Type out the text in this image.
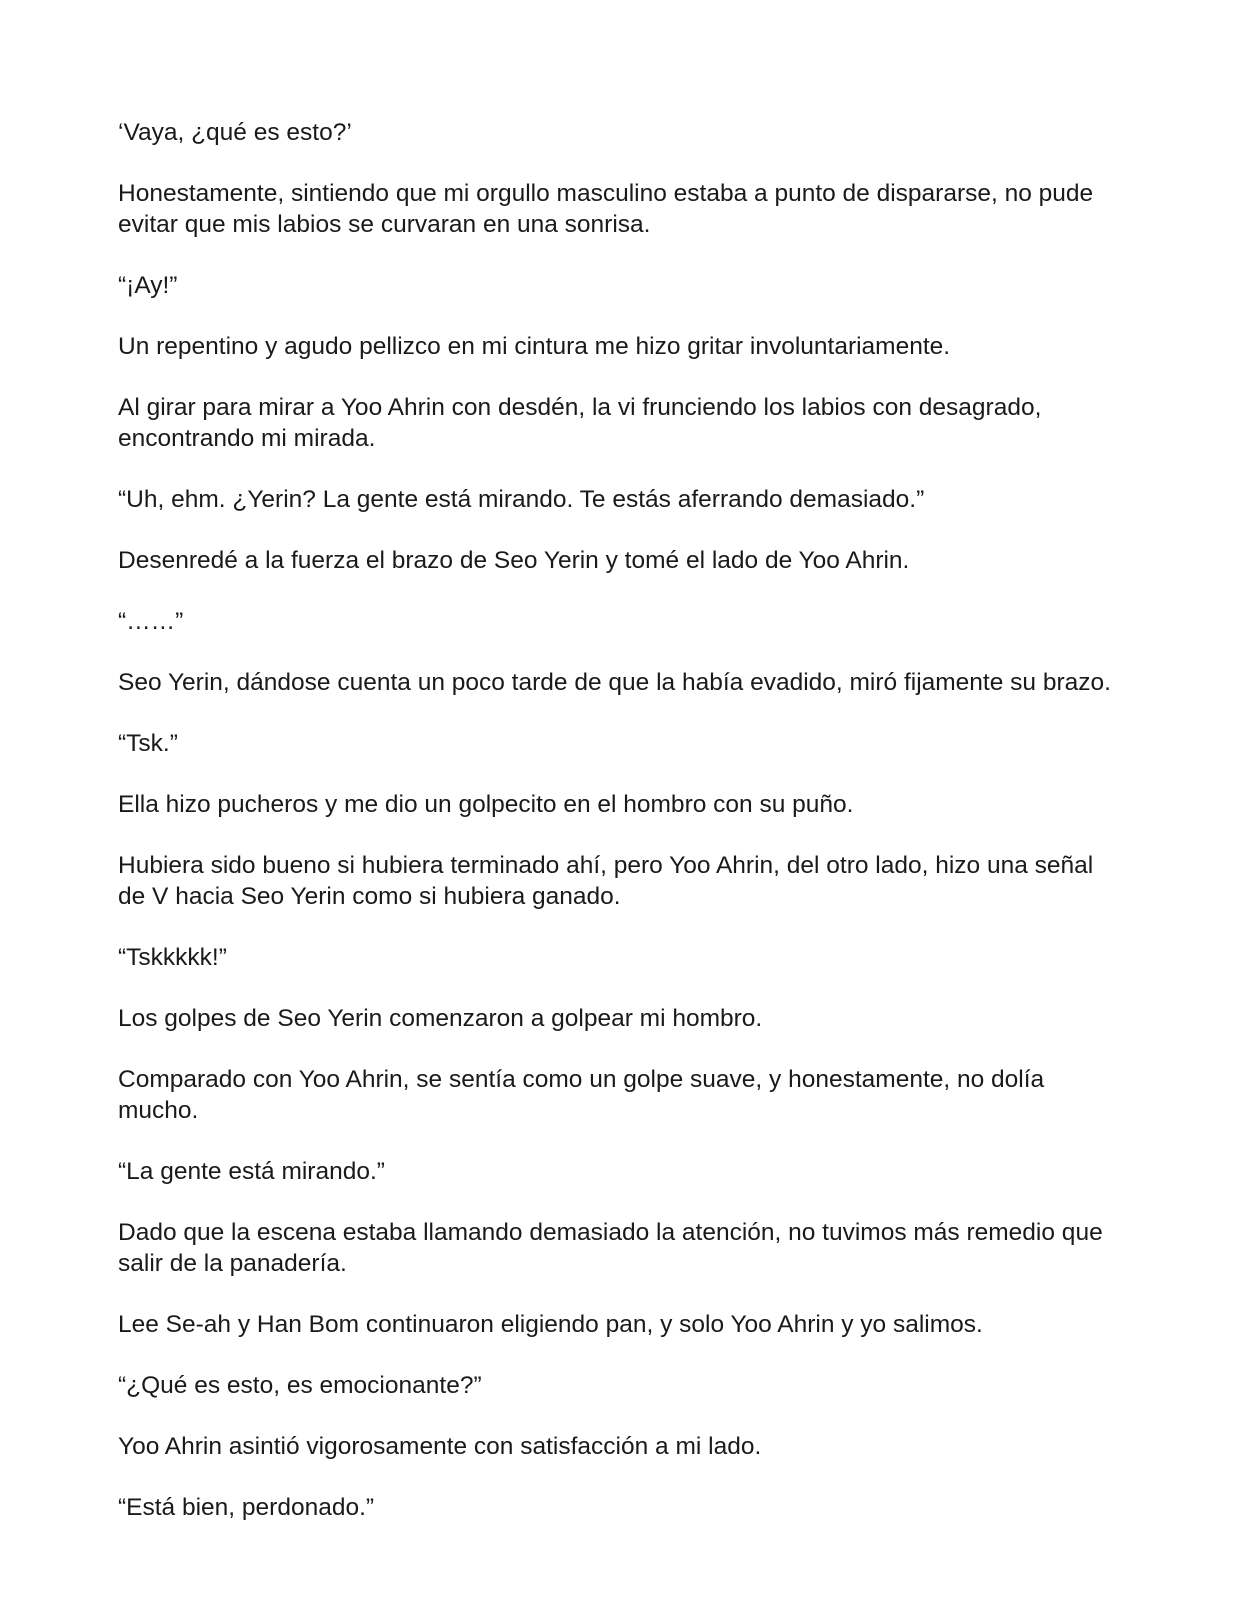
‘Vaya, ¿qué es esto?’

Honestamente, sintiendo que mi orgullo masculino estaba a punto de dispararse, no pude evitar que mis labios se curvaran en una sonrisa.

“¡Ay!”

Un repentino y agudo pellizco en mi cintura me hizo gritar involuntariamente.

Al girar para mirar a Yoo Ahrin con desdén, la vi frunciendo los labios con desagrado, encontrando mi mirada.

“Uh, ehm. ¿Yerin? La gente está mirando. Te estás aferrando demasiado.”

Desenredé a la fuerza el brazo de Seo Yerin y tomé el lado de Yoo Ahrin.

“……”

Seo Yerin, dándose cuenta un poco tarde de que la había evadido, miró fijamente su brazo.

“Tsk.”

Ella hizo pucheros y me dio un golpecito en el hombro con su puño.

Hubiera sido bueno si hubiera terminado ahí, pero Yoo Ahrin, del otro lado, hizo una señal de V hacia Seo Yerin como si hubiera ganado.

“Tskkkkk!”

Los golpes de Seo Yerin comenzaron a golpear mi hombro.

Comparado con Yoo Ahrin, se sentía como un golpe suave, y honestamente, no dolía mucho.

“La gente está mirando.”

Dado que la escena estaba llamando demasiado la atención, no tuvimos más remedio que salir de la panadería.

Lee Se-ah y Han Bom continuaron eligiendo pan, y solo Yoo Ahrin y yo salimos.

“¿Qué es esto, es emocionante?”

Yoo Ahrin asintió vigorosamente con satisfacción a mi lado.

“Está bien, perdonado.”
